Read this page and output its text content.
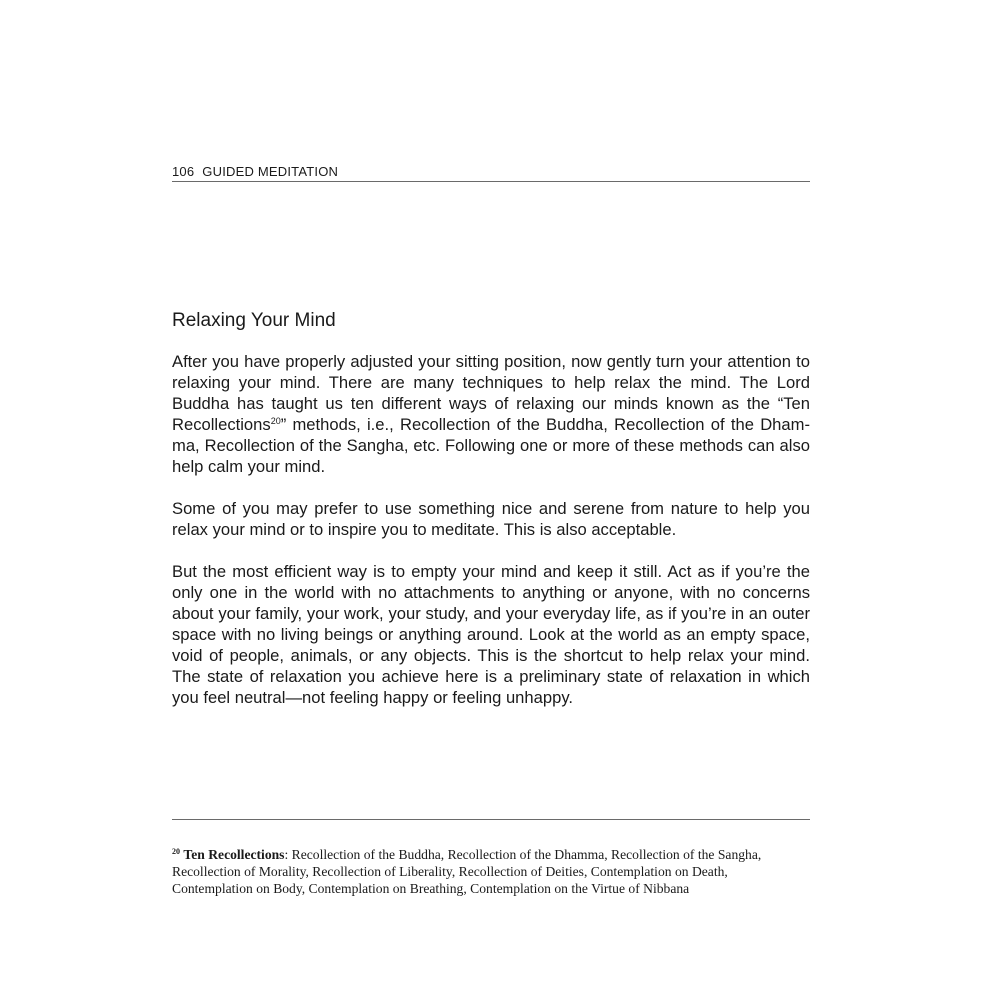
106 GUIDED MEDITATION
Relaxing Your Mind

After you have properly adjusted your sitting position, now gently turn your attention to relaxing your mind. There are many techniques to help relax the mind. The Lord Buddha has taught us ten different ways of relaxing our minds known as the “Ten Recollections$^{20}$” methods, i.e., Recollection of the Buddha, Recollection of the Dham-ma, Recollection of the Sangha, etc. Following one or more of these methods can also help calm your mind.

Some of you may prefer to use something nice and serene from nature to help you relax your mind or to inspire you to meditate. This is also acceptable.

But the most efficient way is to empty your mind and keep it still. Act as if you’re the only one in the world with no attachments to anything or anyone, with no concerns about your family, your work, your study, and your everyday life, as if you’re in an outer space with no living beings or anything around. Look at the world as an empty space, void of people, animals, or any objects. This is the shortcut to help relax your mind. The state of relaxation you achieve here is a preliminary state of relaxation in which you feel neutral—not feeling happy or feeling unhappy.

$^{20}$ Ten Recollections: Recollection of the Buddha, Recollection of the Dhamma, Recollection of the Sangha, Recollection of Morality, Recollection of Liberality, Recollection of Deities, Contemplation on Death, Contemplation on Body, Contemplation on Breathing, Contemplation on the Virtue of Nibbana
